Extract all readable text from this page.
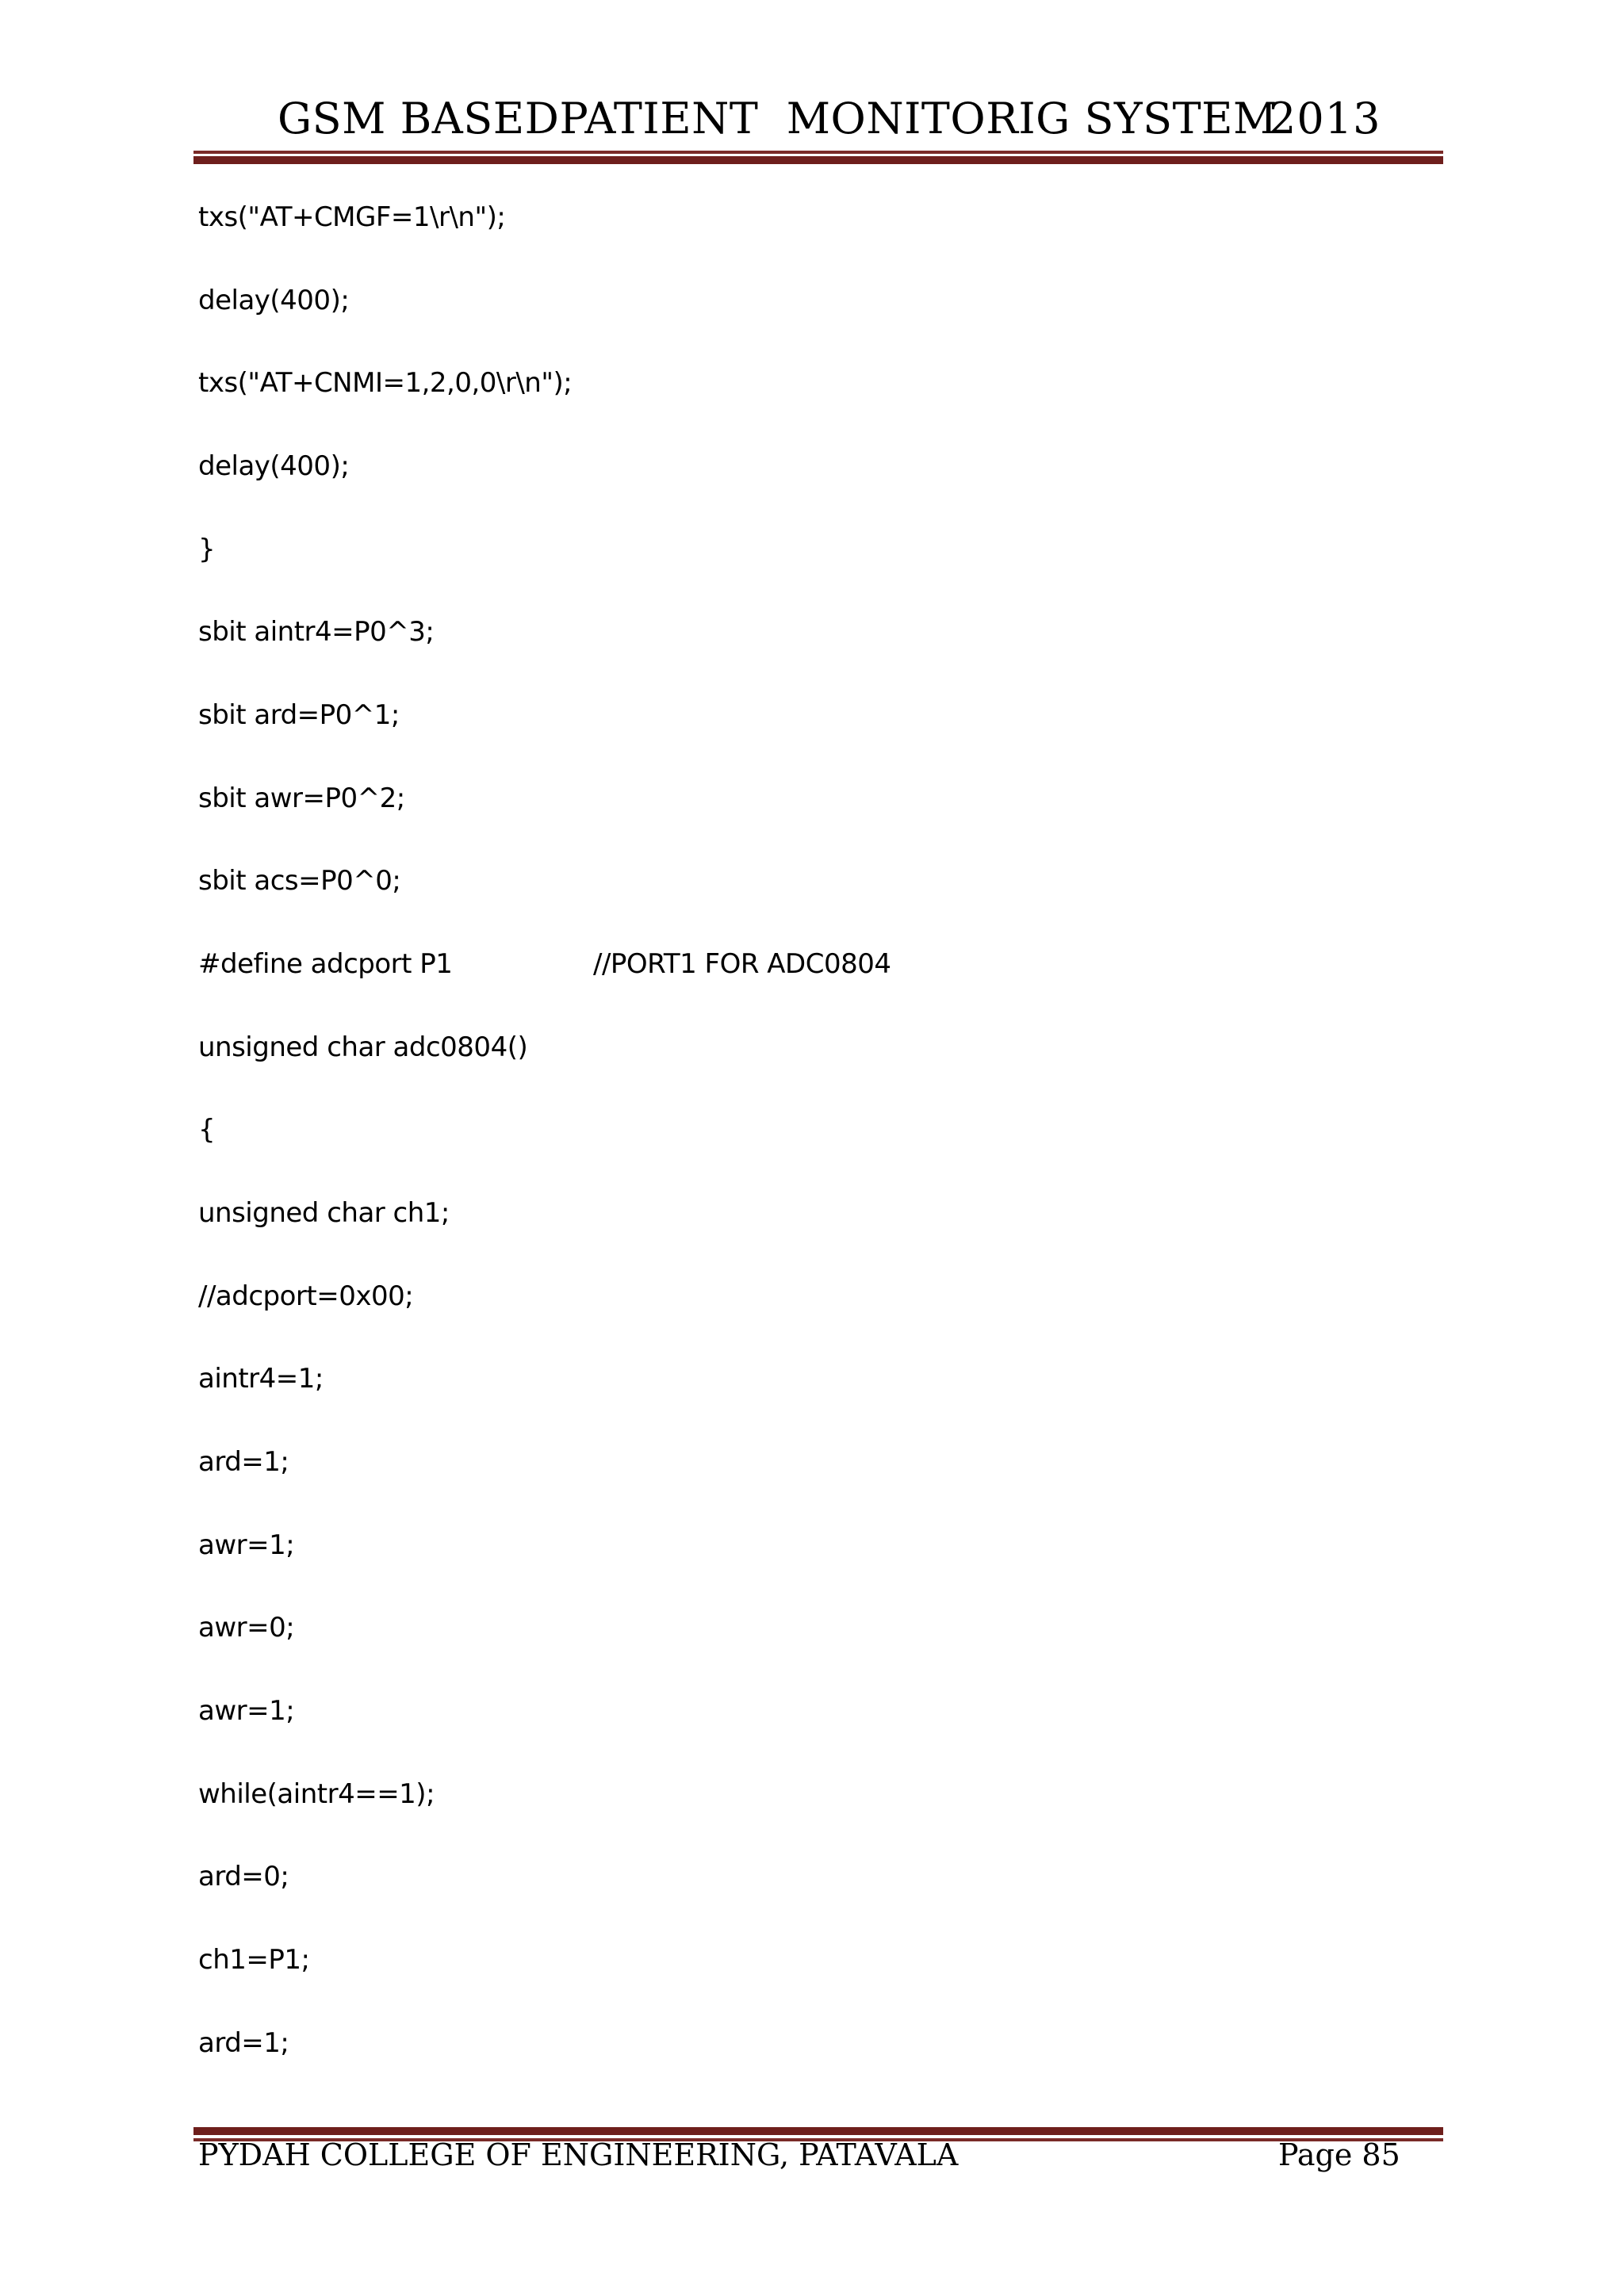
GSM BASEDPATIENT  MONITORIG SYSTEM
2013
txs("AT+CMGF=1\r\n");
delay(400);
txs("AT+CNMI=1,2,0,0\r\n");
delay(400);
}
sbit aintr4=P0^3;
sbit ard=P0^1;
sbit awr=P0^2;
sbit acs=P0^0;
#define adcport P1	//PORT1 FOR ADC0804
unsigned char adc0804()
{
unsigned char ch1;
//adcport=0x00;
aintr4=1;
ard=1;
awr=1;
awr=0;
awr=1;
while(aintr4==1);
ard=0;
ch1=P1;
ard=1;
PYDAH COLLEGE OF ENGINEERING, PATAVALA	Page 85
